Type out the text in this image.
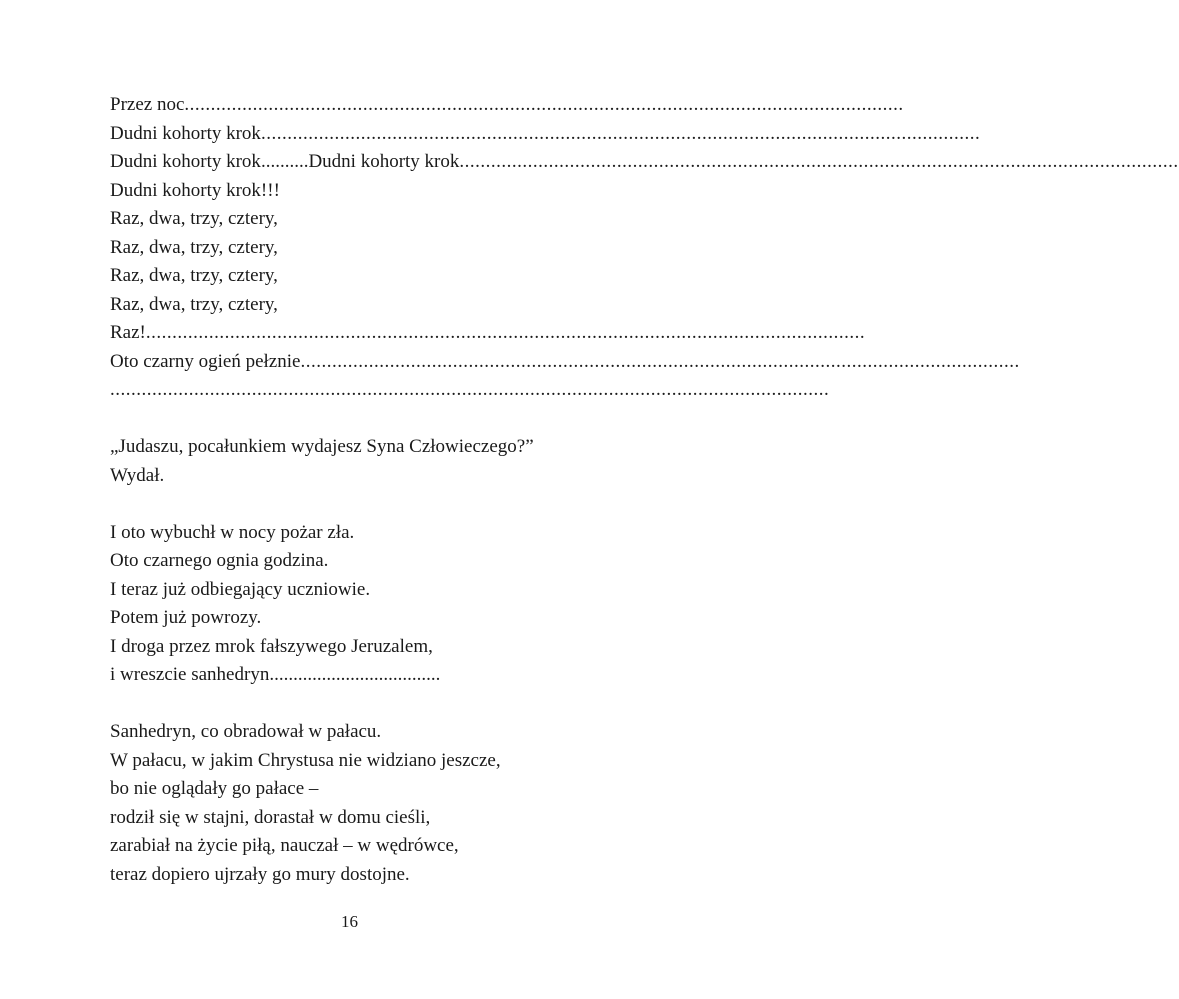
Przez noc .........................................................................................................................................
Dudni kohorty krok .........................................................................................................................................
Dudni kohorty krok .......... Dudni kohorty krok .........................................................................................................................................
Dudni kohorty krok!!!
Raz, dwa, trzy, cztery,
Raz, dwa, trzy, cztery,
Raz, dwa, trzy, cztery,
Raz, dwa, trzy, cztery,
Raz! .........................................................................................................................................
Oto czarny ogień pełznie .........................................................................................................................................
.........................................................................................................................................
„Judaszu, pocałunkiem wydajesz Syna Człowieczego?”
Wydał.
I oto wybuchł w nocy pożar zła.
Oto czarnego ognia godzina.
I teraz już odbiegający uczniowie.
Potem już powrozy.
I droga przez mrok fałszywego Jeruzalem,
i wreszcie sanhedryn....................................
Sanhedryn, co obradował w pałacu.
W pałacu, w jakim Chrystusa nie widziano jeszcze,
bo nie oglądały go pałace –
rodził się w stajni, dorastał w domu cieśli,
zarabiał na życie piłą, nauczał – w wędrówce,
teraz dopiero ujrzały go mury dostojne.
16
